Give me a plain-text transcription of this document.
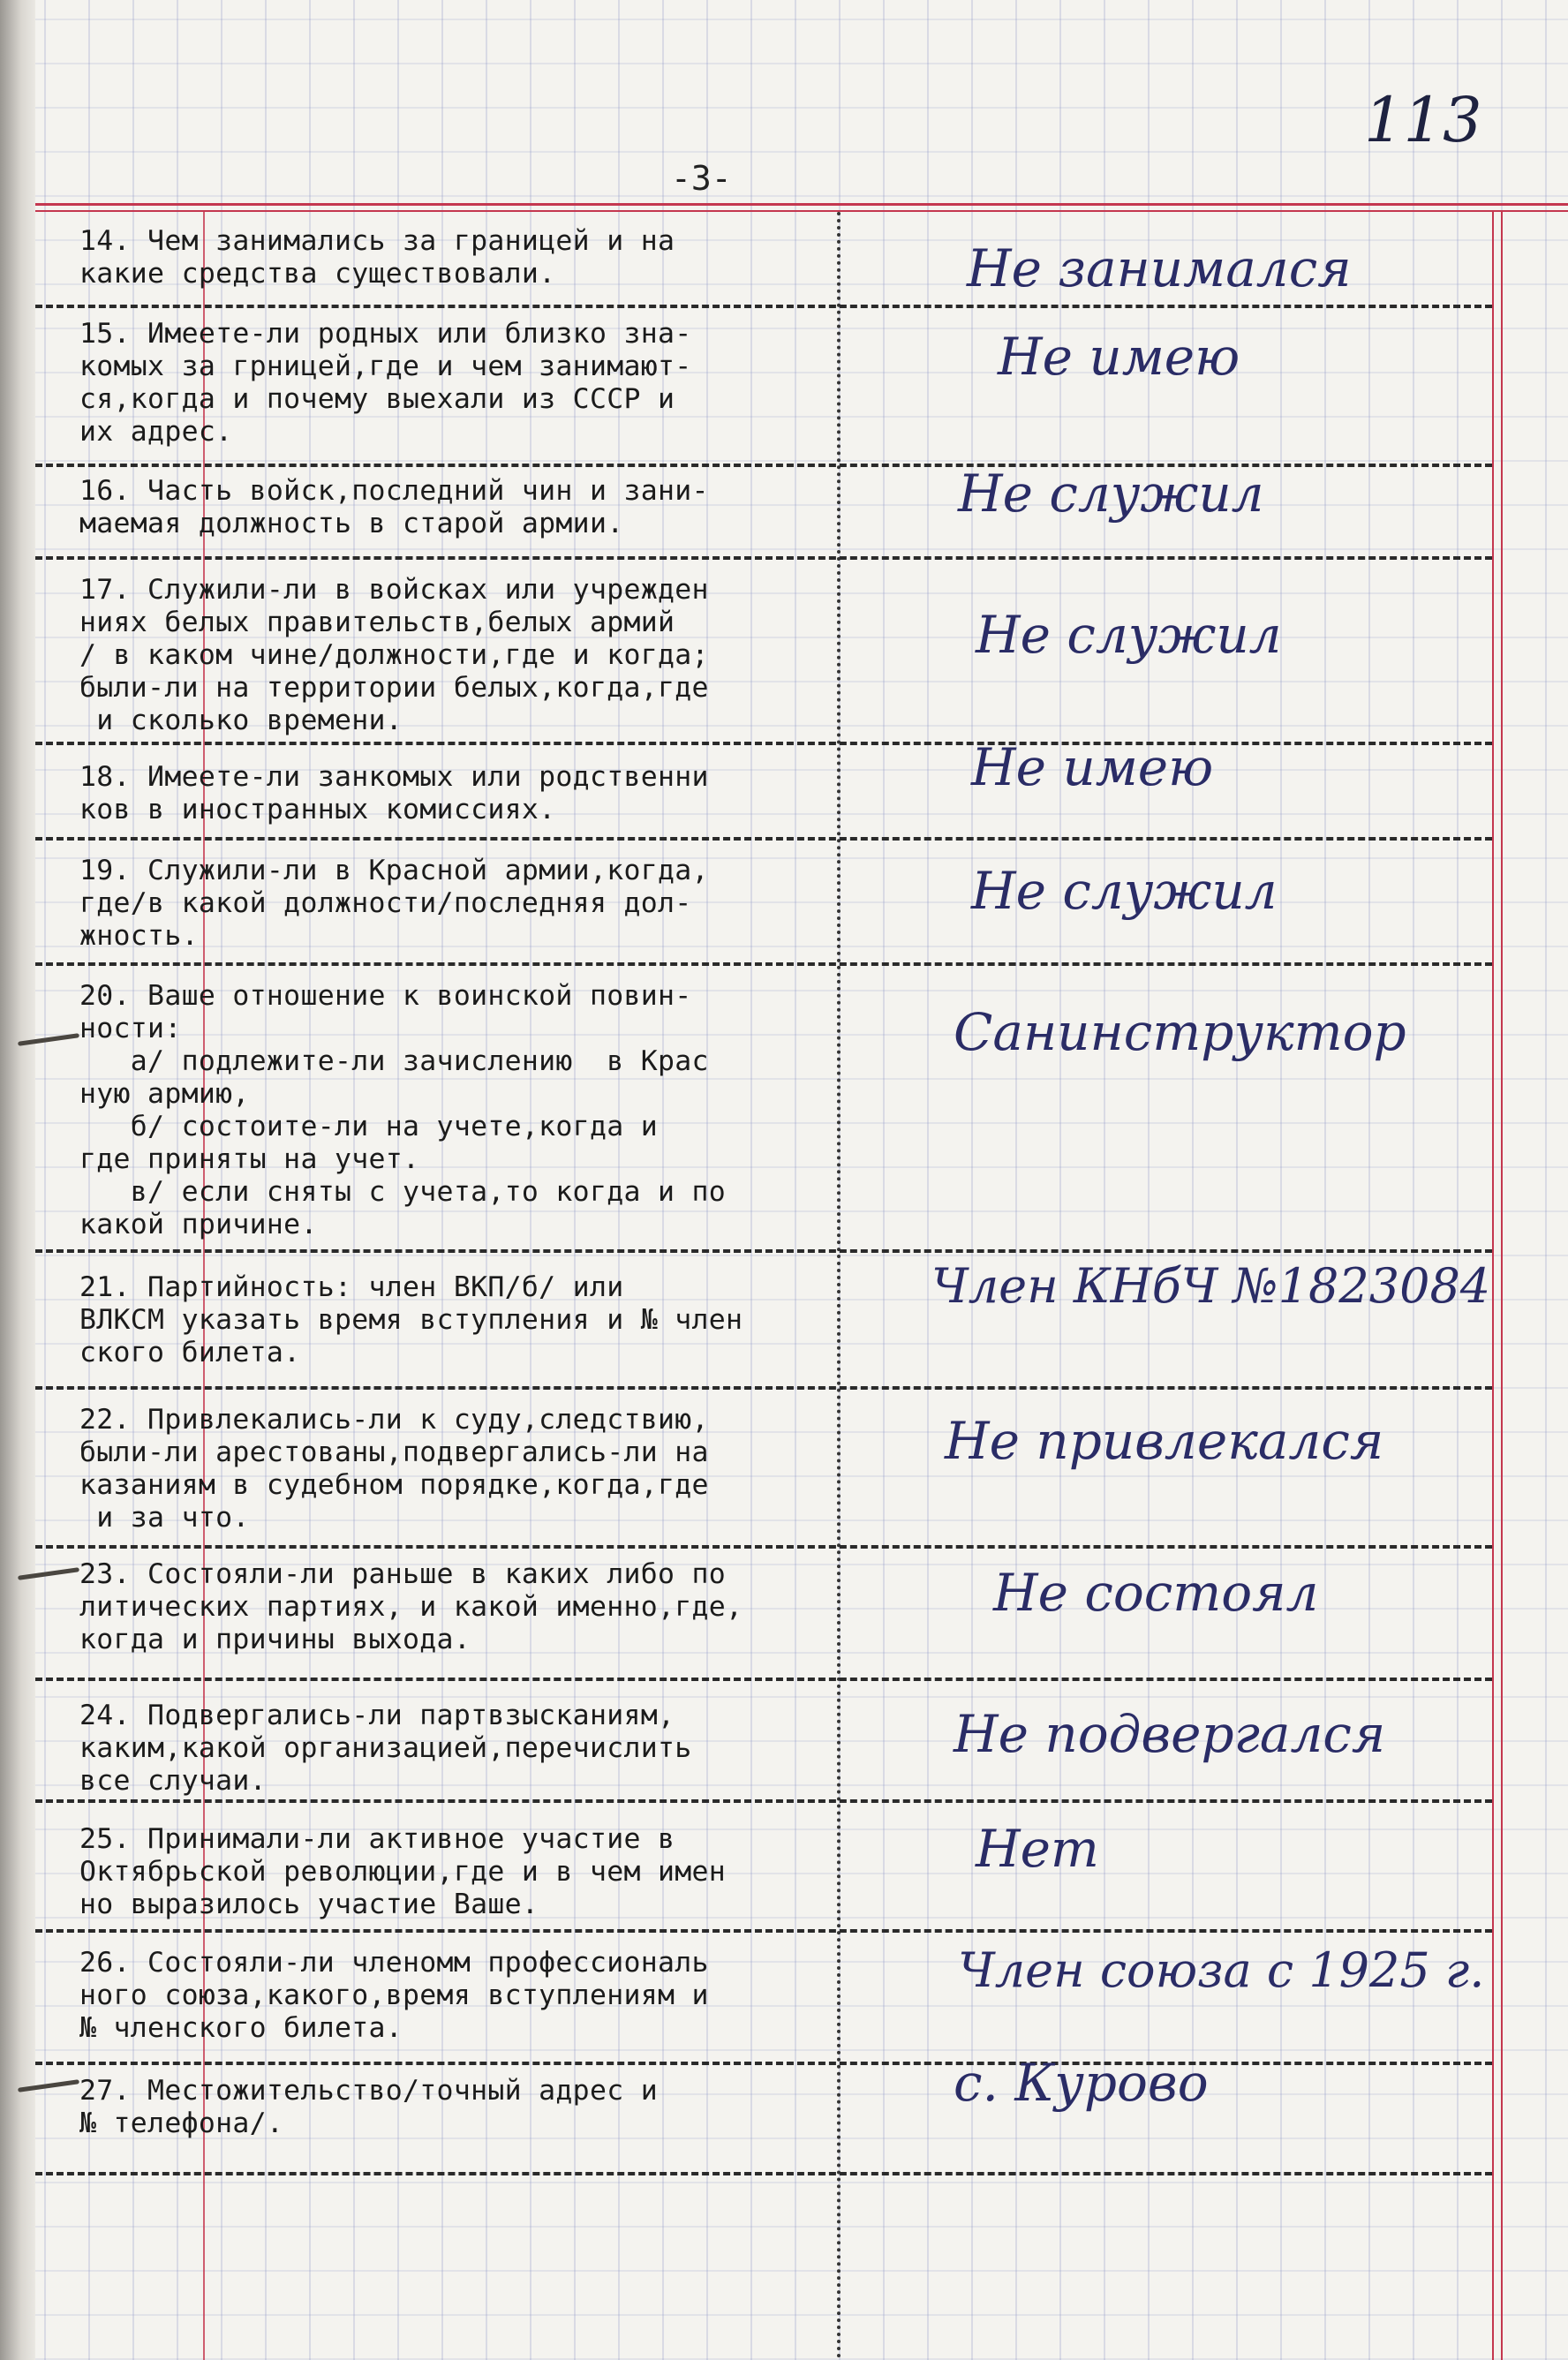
-3-
113
14. Чем занимались за границей и на
какие средства существовали.	Не занимался
15. Имеете-ли родных или близко зна-
комых за грницей,где и чем занимают-
ся,когда и почему выехали из СССР и
их адрес.
Не имею
16. Часть войск,последний чин и зани-
маемая должность в старой армии.	Не служил
17. Служили-ли в войсках или учрежден
ниях белых правительств,белых армий
/ в каком чине/должности,где и когда;
были-ли на территории белых,когда,где
и сколько времени.
Не служил
18. Имеете-ли занкомых или родственни
ков в иностранных комиссиях.
Не имею
19. Служили-ли в Красной армии,когда,
где/в какой должности/последняя дол-
жность.
Не служил
20. Ваше отношение к воинской повин-
ности:
а/ подлежите-ли зачислению  в Крас
ную армию,
б/ состоите-ли на учете,когда и
где приняты на учет.
в/ если сняты с учета,то когда и по
какой причине.
Санинструктор
21. Партийность: член ВКП/б/ или
ВЛКСМ указать время вступления и № член
ского билета.
Член КНбЧ №1823084
22. Привлекались-ли к суду,следствию,
были-ли арестованы,подвергались-ли на
казаниям в судебном порядке,когда,где
и за что.
Не привлекался
23. Состояли-ли раньше в каких либо по
литических партиях, и какой именно,где,
когда и причины выхода.
Не состоял
24. Подвергались-ли партвзысканиям,
каким,какой организацией,перечислить
все случаи.
Не подвергался
25. Принимали-ли активное участие в
Октябрьской революции,где и в чем имен
но выразилось участие Ваше.
Нет
26. Состояли-ли членомм профессиональ
ного союза,какого,время вступлениям и
№ членского билета.
Член союза с 1925 г.
27. Местожительство/точный адрес и
№ телефона/.
с. Курово
